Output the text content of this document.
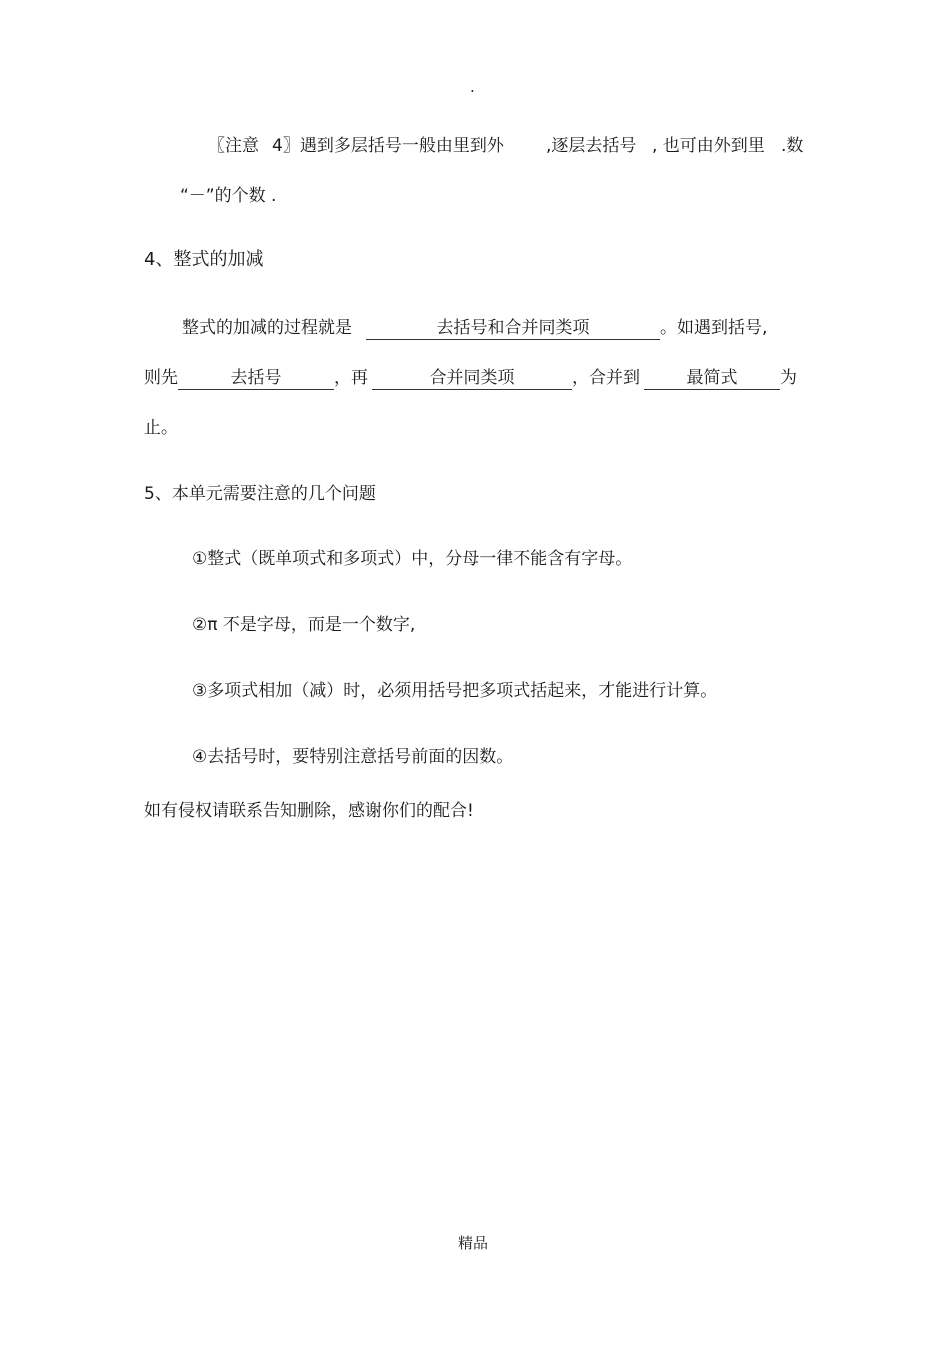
.
〖注意 4〗遇到多层括号一般由里到外 ,逐层去括号 , 也可由外到里 .数
“－”的个数 .
4、整式的加减
整式的加减的过程就是	去括号和合并同类项	。如遇到括号,
则先	去括号	，再	合并同类项	，合并到	最简式	为
止。
5、本单元需要注意的几个问题
①整式（既单项式和多项式）中，分母一律不能含有字母。
②π 不是字母，而是一个数字,
③多项式相加（减）时，必须用括号把多项式括起来，才能进行计算。
④去括号时，要特别注意括号前面的因数。
如有侵权请联系告知删除，感谢你们的配合!
精品
